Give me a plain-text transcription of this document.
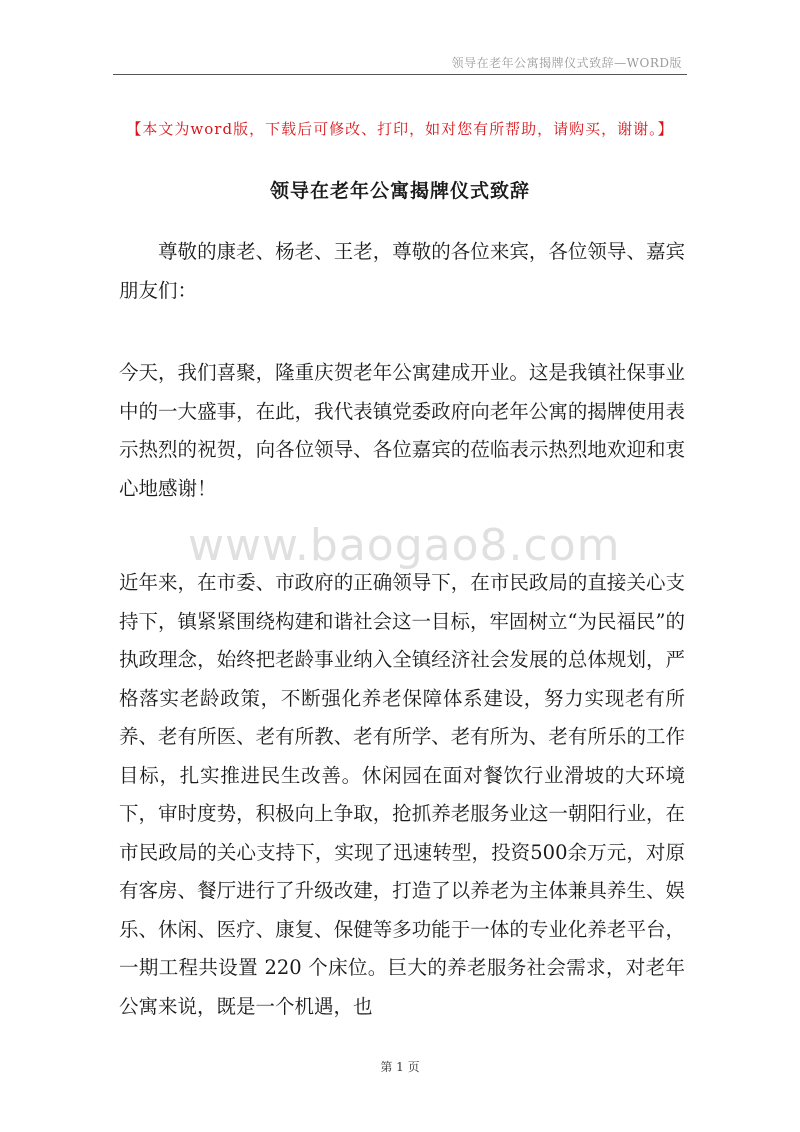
领导在老年公寓揭牌仪式致辞—WORD版
【本文为word版，下载后可修改、打印，如对您有所帮助，请购买，谢谢。】
领导在老年公寓揭牌仪式致辞
www.baogao8.com

　　尊敬的康老、杨老、王老，尊敬的各位来宾，各位领导、嘉宾朋友们：

今天，我们喜聚，隆重庆贺老年公寓建成开业。这是我镇社保事业中的一大盛事，在此，我代表镇党委政府向老年公寓的揭牌使用表示热烈的祝贺，向各位领导、各位嘉宾的莅临表示热烈地欢迎和衷心地感谢！

近年来，在市委、市政府的正确领导下，在市民政局的直接关心支持下，镇紧紧围绕构建和谐社会这一目标，牢固树立“为民福民”的执政理念，始终把老龄事业纳入全镇经济社会发展的总体规划，严格落实老龄政策，不断强化养老保障体系建设，努力实现老有所养、老有所医、老有所教、老有所学、老有所为、老有所乐的工作目标，扎实推进民生改善。休闲园在面对餐饮行业滑坡的大环境下，审时度势，积极向上争取，抢抓养老服务业这一朝阳行业，在市民政局的关心支持下，实现了迅速转型，投资500余万元，对原有客房、餐厅进行了升级改建，打造了以养老为主体兼具养生、娱乐、休闲、医疗、康复、保健等多功能于一体的专业化养老平台，一期工程共设置 220 个床位。巨大的养老服务社会需求，对老年公寓来说，既是一个机遇，也

第 1 页
